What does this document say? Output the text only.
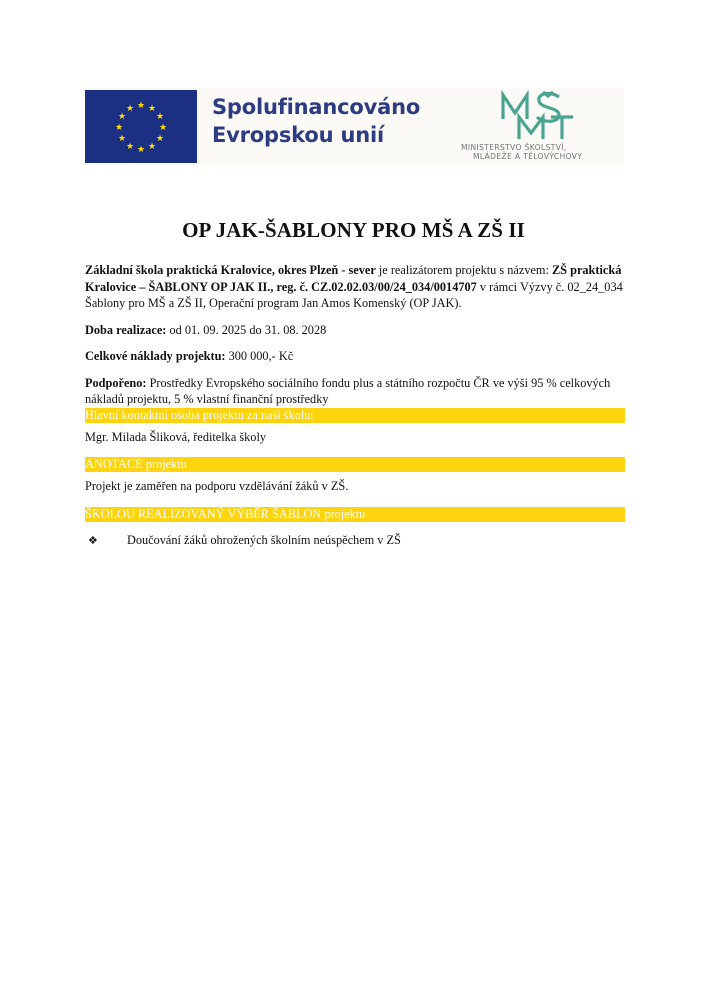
★ ★
★
★
★
★
★
★
★
★
★
★	Spolufinancováno
Evropskou unií
MINISTERSTVO ŠKOLSTVÍ,
MLÁDEŽE A TĚLOVÝCHOVY
OP JAK-ŠABLONY PRO MŠ A ZŠ II

Základní škola praktická Kralovice, okres Plzeň - sever je realizátorem projektu s názvem: ZŠ praktická Kralovice – ŠABLONY OP JAK II., reg. č. CZ.02.02.03/00/24_034/0014707 v rámci Výzvy č. 02_24_034 Šablony pro MŠ a ZŠ II, Operační program Jan Amos Komenský (OP JAK).

Doba realizace: od 01. 09. 2025 do 31. 08. 2028

Celkové náklady projektu: 300 000,- Kč

Podpořeno: Prostředky Evropského sociálního fondu plus a státního rozpočtu ČR ve výši 95 % celkových nákladů projektu, 5 % vlastní finanční prostředky

Hlavní kontaktní osoba projektu za naši školu:

Mgr. Milada Šliková, ředitelka školy

ANOTACE projektu

Projekt je zaměřen na podporu vzdělávání žáků v ZŠ.

ŠKOLOU REALIZOVANÝ VÝBĚR ŠABLON projektu
❖ Doučování žáků ohrožených školním neúspěchem v ZŠ
